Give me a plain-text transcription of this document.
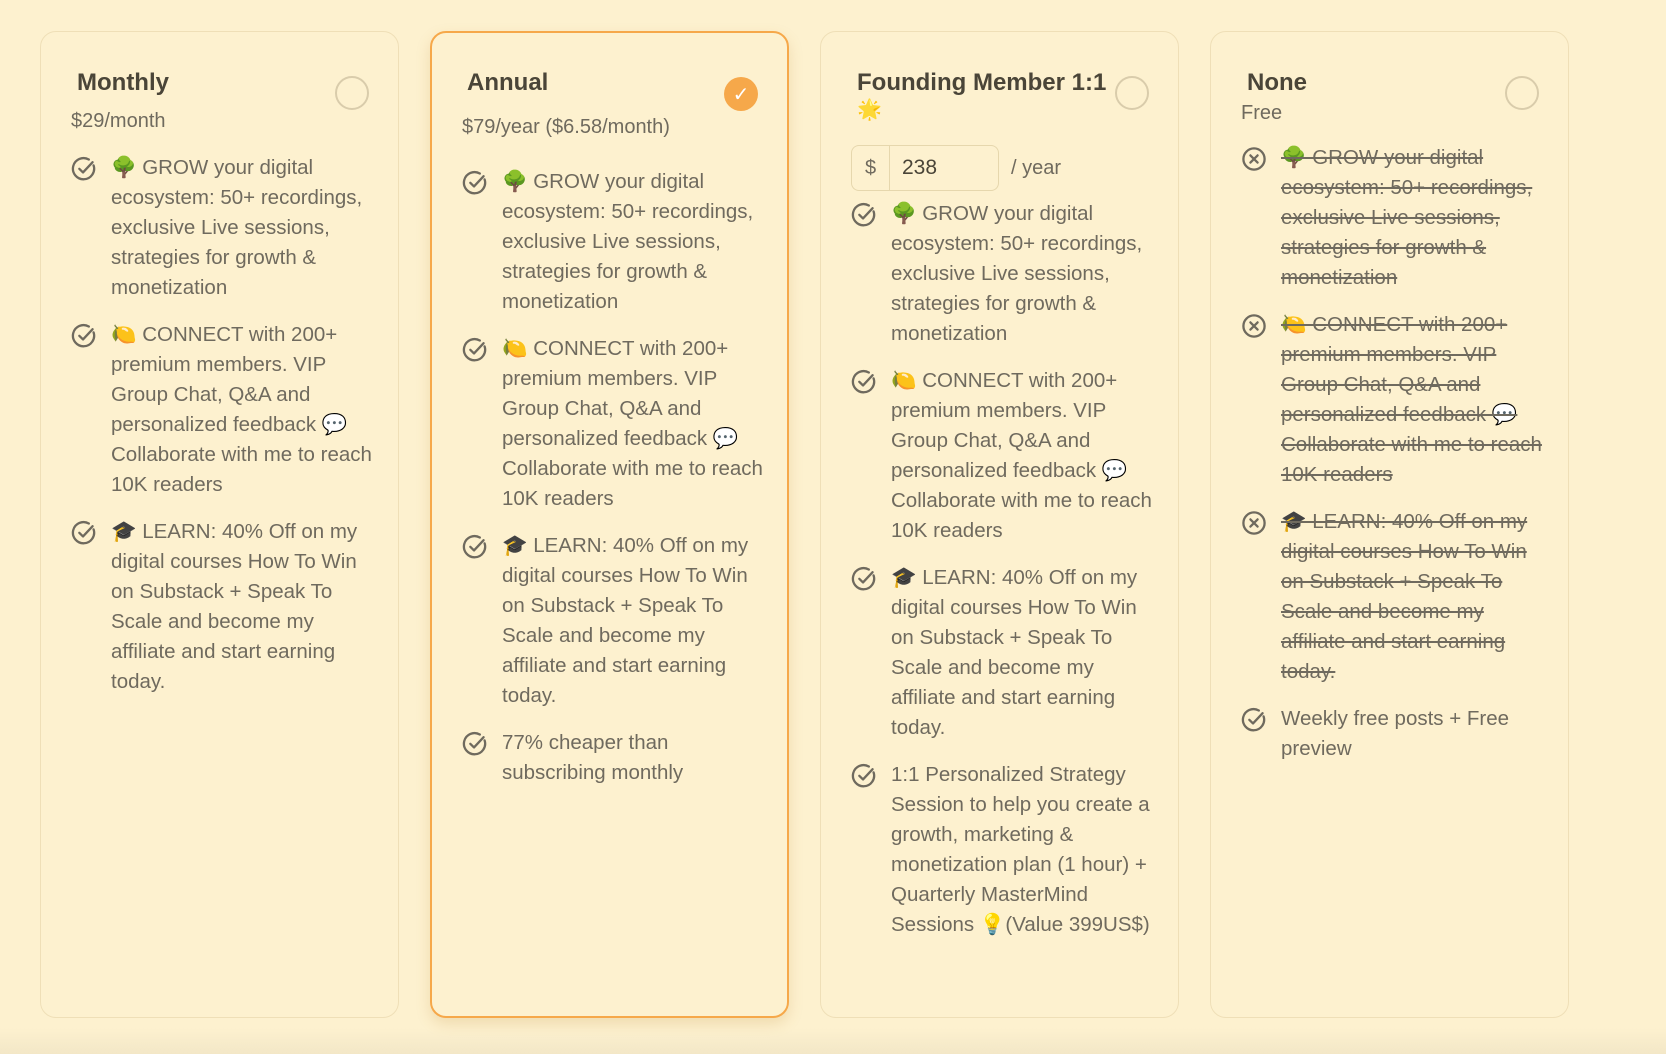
Monthly
$29/month
🌳 GROW your digital ecosystem: 50+ recordings, exclusive Live sessions, strategies for growth & monetization
🍋 CONNECT with 200+ premium members. VIP Group Chat, Q&A and personalized feedback 💬 Collaborate with me to reach 10K readers
🎓 LEARN: 40% Off on my digital courses How To Win on Substack + Speak To Scale and become my affiliate and start earning today.
Annual	✓
$79/year ($6.58/month)
🌳 GROW your digital ecosystem: 50+ recordings, exclusive Live sessions, strategies for growth & monetization
🍋 CONNECT with 200+ premium members. VIP Group Chat, Q&A and personalized feedback 💬 Collaborate with me to reach 10K readers
🎓 LEARN: 40% Off on my digital courses How To Win on Substack + Speak To Scale and become my affiliate and start earning today.
77% cheaper than subscribing monthly
Founding Member 1:1
🌟
$
238	/ year
🌳 GROW your digital ecosystem: 50+ recordings, exclusive Live sessions, strategies for growth & monetization
🍋 CONNECT with 200+ premium members. VIP Group Chat, Q&A and personalized feedback 💬 Collaborate with me to reach 10K readers
🎓 LEARN: 40% Off on my digital courses How To Win on Substack + Speak To Scale and become my affiliate and start earning today.
1:1 Personalized Strategy Session to help you create a growth, marketing & monetization plan (1 hour) + Quarterly MasterMind Sessions 💡(Value 399US$)
None
Free
🌳 GROW your digital ecosystem: 50+ recordings, exclusive Live sessions, strategies for growth & monetization
🍋 CONNECT with 200+ premium members. VIP Group Chat, Q&A and personalized feedback 💬 Collaborate with me to reach 10K readers
🎓 LEARN: 40% Off on my digital courses How To Win on Substack + Speak To Scale and become my affiliate and start earning today.
Weekly free posts + Free preview
